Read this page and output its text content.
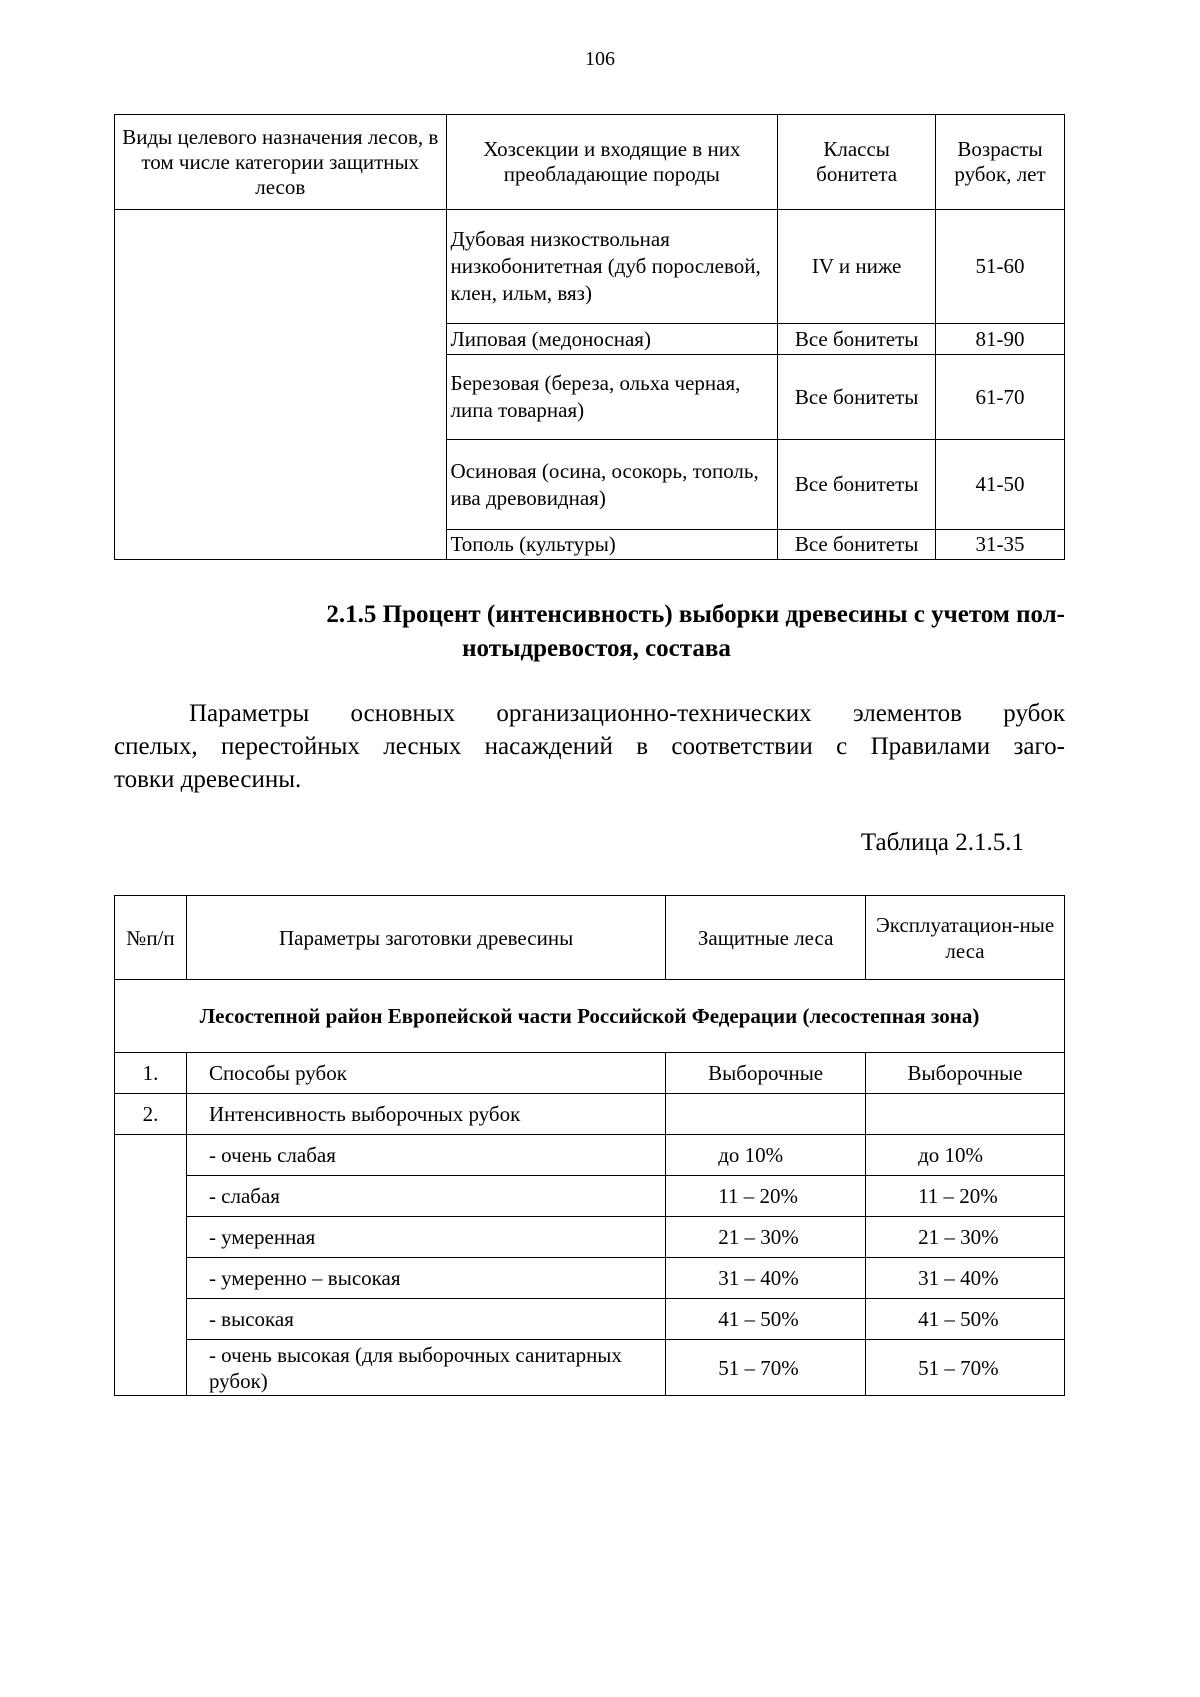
106
Виды целевого назначения лесов, в том числе категории защитных лесов	Хозсекции и входящие в них преобладающие породы	Классы бонитета	Возрасты рубок, лет
	Дубовая низкоствольная низкобонитетная (дуб порослевой, клен, ильм, вяз)	IV и ниже	51-60
	Липовая (медоносная)	Все бонитеты	81-90
	Березовая (береза, ольха черная, липа товарная)	Все бонитеты	61-70
	Осиновая (осина, осокорь, тополь, ива древовидная)	Все бонитеты	41-50
	Тополь (культуры)	Все бонитеты	31-35
2.1.5 Процент (интенсивность) выборки древесины с учетом пол-
нотыдревостоя, состава
Параметры основных организационно-технических элементов рубок
спелых, перестойных лесных насаждений в соответствии с Правилами заго-
товки древесины.
Таблица 2.1.5.1
№п/п	Параметры заготовки древесины	Защитные леса	Эксплуатацион-ные леса
Лесостепной район Европейской части Российской Федерации (лесостепная зона)			
1.	Способы рубок	Выборочные	Выборочные
2.	Интенсивность выборочных рубок		
	- очень слабая	до 10%	до 10%
	- слабая	11 – 20%	11 – 20%
	- умеренная	21 – 30%	21 – 30%
	- умеренно – высокая	31 – 40%	31 – 40%
	- высокая	41 – 50%	41 – 50%
	- очень высокая (для выборочных санитарных рубок)	51 – 70%	51 – 70%
